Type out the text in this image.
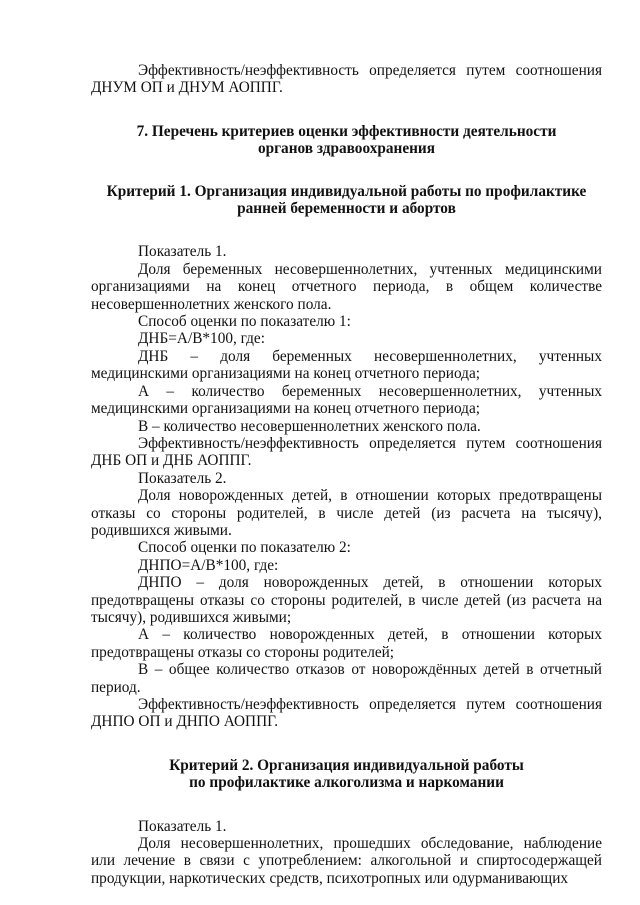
Эффективность/неэффективность определяется путем соотношения ДНУМ ОП и ДНУМ АОППГ.

7. Перечень критериев оценки эффективности деятельности органов здравоохранения

Критерий 1. Организация индивидуальной работы по профилактике ранней беременности и абортов

Показатель 1.

Доля беременных несовершеннолетних, учтенных медицинскими организациями на конец отчетного периода, в общем количестве несовершеннолетних женского пола.

Способ оценки по показателю 1:

ДНБ=А/В*100, где:

ДНБ – доля беременных несовершеннолетних, учтенных медицинскими организациями на конец отчетного периода;

А – количество беременных несовершеннолетних, учтенных медицинскими организациями на конец отчетного периода;

В – количество несовершеннолетних женского пола.

Эффективность/неэффективность определяется путем соотношения ДНБ ОП и ДНБ АОППГ.

Показатель 2.

Доля новорожденных детей, в отношении которых предотвращены отказы со стороны родителей, в числе детей (из расчета на тысячу), родившихся живыми.

Способ оценки по показателю 2:

ДНПО=А/В*100, где:

ДНПО – доля новорожденных детей, в отношении которых предотвращены отказы со стороны родителей, в числе детей (из расчета на тысячу), родившихся живыми;

А – количество новорожденных детей, в отношении которых предотвращены отказы со стороны родителей;

В – общее количество отказов от новорождённых детей в отчетный период.

Эффективность/неэффективность определяется путем соотношения ДНПО ОП и ДНПО АОППГ.

Критерий 2. Организация индивидуальной работы по профилактике алкоголизма и наркомании

Показатель 1.

Доля несовершеннолетних, прошедших обследование, наблюдение или лечение в связи с употреблением: алкогольной и спиртосодержащей продукции, наркотических средств, психотропных или одурманивающих
